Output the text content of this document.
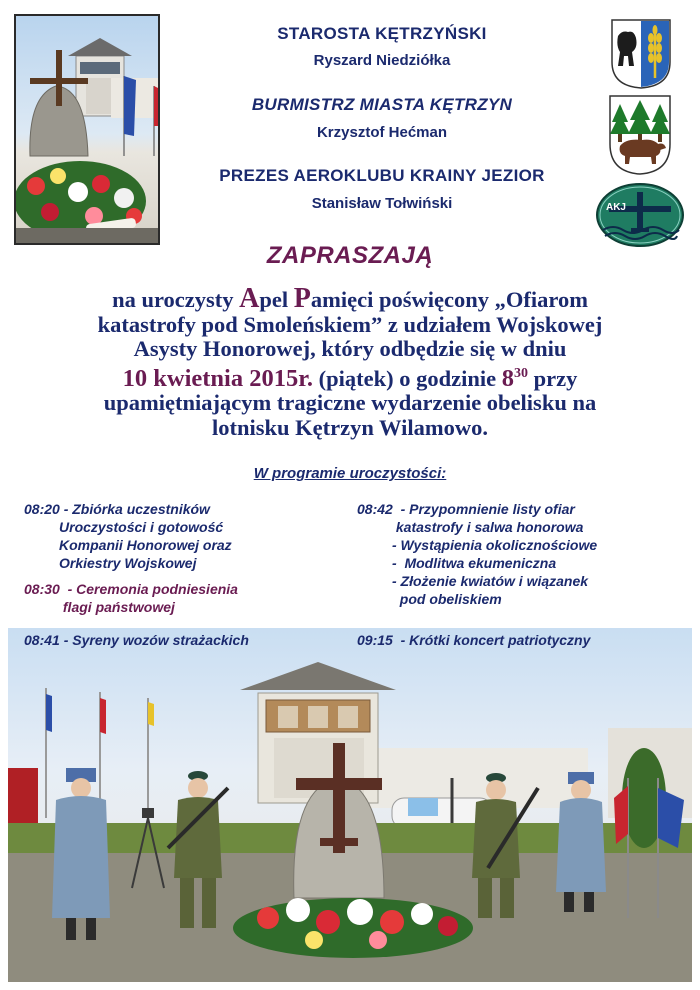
STAROSTA KĘTRZYŃSKI
Ryszard Niedziółka
BURMISTRZ MIASTA KĘTRZYN
Krzysztof Hećman
PREZES AEROKLUBU KRAINY JEZIOR
Stanisław Tołwiński	AKJ
ZAPRASZAJĄ
na uroczysty Apel Pamięci poświęcony „Ofiarom
katastrofy pod Smoleńskiem” z udziałem Wojskowej
Asysty Honorowej, który odbędzie się w dniu
10 kwietnia 2015r. (piątek) o godzinie $8^{30}$ przy
upamiętniającym tragiczne wydarzenie obelisku na
lotnisku Kętrzyn Wilamowo.
W programie uroczystości:
08:20 - Zbiórka uczestników
Uroczystości i gotowość
Kompanii Honorowej oraz
Orkiestry Wojskowej
08:30  - Ceremonia podniesienia
flagi państwowej
08:42  - Przypomnienie listy ofiar
katastrofy i salwa honorowa
- Wystąpienia okolicznościowe
-  Modlitwa ekumeniczna
- Złożenie kwiatów i wiązanek
pod obeliskiem
08:41 - Syreny wozów strażackich	09:15  - Krótki koncert patriotyczny
